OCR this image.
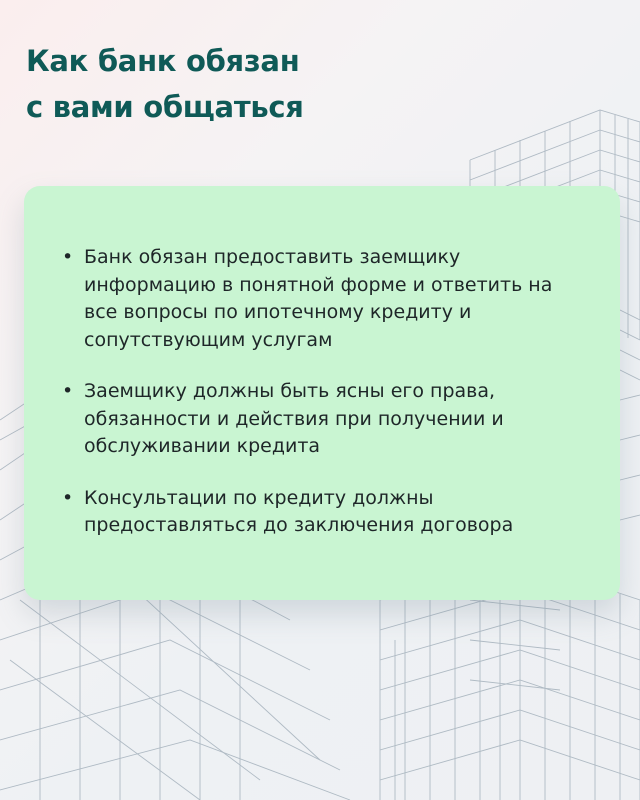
Как банк обязан
с вами общаться
• Банк обязан предоставить заемщику информацию в понятной форме и ответить на все вопросы по ипотечному кредиту и сопутствующим услугам
• Заемщику должны быть ясны его права, обязанности и действия при получении и обслуживании кредита
• Консультации по кредиту должны предоставляться до заключения договора
